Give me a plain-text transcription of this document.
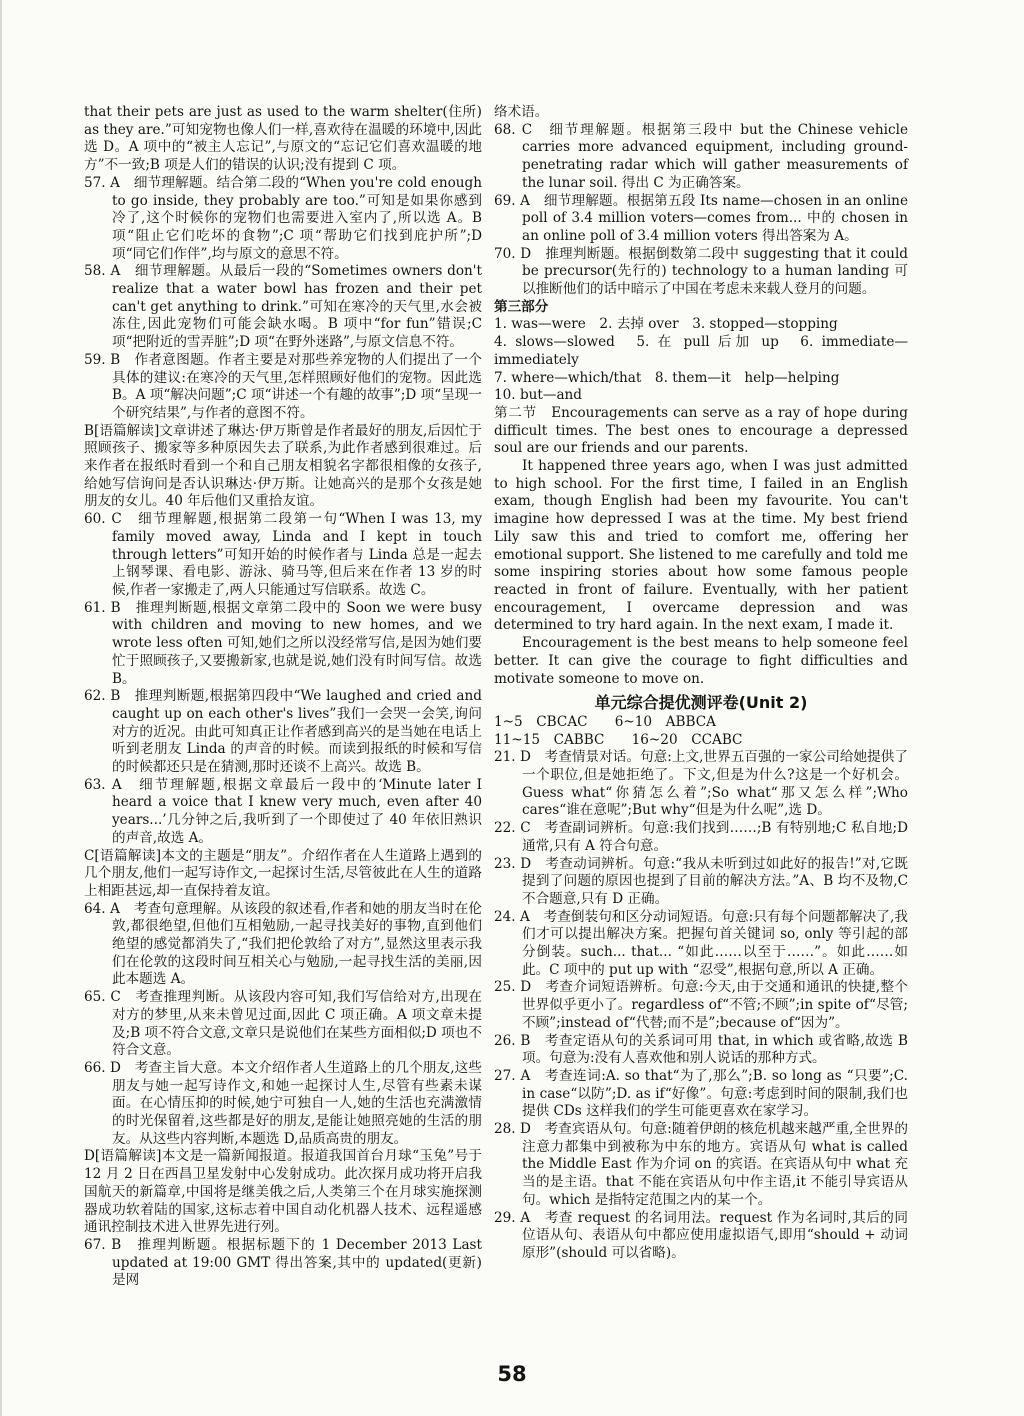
that their pets are just as used to the warm shelter(住所) as they are.”可知宠物也像人们一样,喜欢待在温暖的环境中,因此选 D。A 项中的“被主人忘记”,与原文的“忘记它们喜欢温暖的地方”不一致;B 项是人们的错误的认识;没有提到 C 项。

57. A　细节理解题。结合第二段的“When you're cold enough to go inside, they probably are too.”可知是如果你感到冷了,这个时候你的宠物们也需要进入室内了,所以选 A。B 项“阻止它们吃坏的食物”;C 项“帮助它们找到庇护所”;D 项“同它们作伴”,均与原文的意思不符。

58. A　细节理解题。从最后一段的“Sometimes owners don't realize that a water bowl has frozen and their pet can't get anything to drink.”可知在寒冷的天气里,水会被冻住,因此宠物们可能会缺水喝。B 项中“for fun”错误;C 项“把附近的雪弄脏”;D 项“在野外迷路”,与原文信息不符。

59. B　作者意图题。作者主要是对那些养宠物的人们提出了一个具体的建议:在寒冷的天气里,怎样照顾好他们的宠物。因此选 B。A 项“解决问题”;C 项“讲述一个有趣的故事”;D 项“呈现一个研究结果”,与作者的意图不符。

B[语篇解读]文章讲述了琳达·伊万斯曾是作者最好的朋友,后因忙于照顾孩子、搬家等多种原因失去了联系,为此作者感到很难过。后来作者在报纸时看到一个和自己朋友相貌名字都很相像的女孩子,给她写信询问是否认识琳达·伊万斯。让她高兴的是那个女孩是她朋友的女儿。40 年后他们又重拾友谊。

60. C　细节理解题,根据第二段第一句“When I was 13, my family moved away, Linda and I kept in touch through letters”可知开始的时候作者与 Linda 总是一起去上钢琴课、看电影、游泳、骑马等,但后来在作者 13 岁的时候,作者一家搬走了,两人只能通过写信联系。故选 C。

61. B　推理判断题,根据文章第二段中的 Soon we were busy with children and moving to new homes, and we wrote less often 可知,她们之所以没经常写信,是因为她们要忙于照顾孩子,又要搬新家,也就是说,她们没有时间写信。故选 B。

62. B　推理判断题,根据第四段中“We laughed and cried and caught up on each other's lives”我们一会哭一会笑,询问对方的近况。由此可知真正让作者感到高兴的是当她在电话上听到老朋友 Linda 的声音的时候。而读到报纸的时候和写信的时候都还只是在猜测,那时还谈不上高兴。故选 B。

63. A　细节理解题,根据文章最后一段中的‘Minute later I heard a voice that I knew very much, even after 40 years...’几分钟之后,我听到了一个即使过了 40 年依旧熟识的声音,故选 A。

C[语篇解读]本文的主题是“朋友”。介绍作者在人生道路上遇到的几个朋友,他们一起写诗作文,一起探讨生活,尽管彼此在人生的道路上相距甚远,却一直保持着友谊。

64. A　考查句意理解。从该段的叙述看,作者和她的朋友当时在伦敦,都很绝望,但他们互相勉励,一起寻找美好的事物,直到他们绝望的感觉都消失了,“我们把伦敦给了对方”,显然这里表示我们在伦敦的这段时间互相关心与勉励,一起寻找生活的美丽,因此本题选 A。

65. C　考查推理判断。从该段内容可知,我们写信给对方,出现在对方的梦里,从来未曾见过面,因此 C 项正确。A 项文章未提及;B 项不符合文意,文章只是说他们在某些方面相似;D 项也不符合文意。

66. D　考查主旨大意。本文介绍作者人生道路上的几个朋友,这些朋友与她一起写诗作文,和她一起探讨人生,尽管有些素未谋面。在心情压抑的时候,她宁可独自一人,她的生活也充满激情的时光保留着,这些都是好的朋友,是能让她照亮她的生活的朋友。从这些内容判断,本题选 D,品质高贵的朋友。

D[语篇解读]本文是一篇新闻报道。报道我国首台月球“玉兔”号于 12 月 2 日在西昌卫星发射中心发射成功。此次探月成功将开启我国航天的新篇章,中国将是继美俄之后,人类第三个在月球实施探测器成功软着陆的国家,这标志着中国自动化机器人技术、远程遥感通讯控制技术进入世界先进行列。

67. B　推理判断题。根据标题下的 1 December 2013 Last updated at 19:00 GMT 得出答案,其中的 updated(更新)是网

络术语。

68. C　细节理解题。根据第三段中 but the Chinese vehicle carries more advanced equipment, including ground-penetrating radar which will gather measurements of the lunar soil. 得出 C 为正确答案。

69. A　细节理解题。根据第五段 Its name—chosen in an online poll of 3.4 million voters—comes from... 中的 chosen in an online poll of 3.4 million voters 得出答案为 A。

70. D　推理判断题。根据倒数第二段中 suggesting that it could be precursor(先行的) technology to a human landing 可以推断他们的话中暗示了中国在考虑未来载人登月的问题。

第三部分

1. was—were　2. 去掉 over　3. stopped—stopping

4. slows—slowed　5. 在 pull 后加 up　6. immediate—immediately

7. where—which/that　8. them—it　help—helping

10. but—and

第二节　Encouragements can serve as a ray of hope during difficult times. The best ones to encourage a depressed soul are our friends and our parents.

It happened three years ago, when I was just admitted to high school. For the first time, I failed in an English exam, though English had been my favourite. You can't imagine how depressed I was at the time. My best friend Lily saw this and tried to comfort me, offering her emotional support. She listened to me carefully and told me some inspiring stories about how some famous people reacted in front of failure. Eventually, with her patient encouragement, I overcame depression and was determined to try hard again. In the next exam, I made it.

Encouragement is the best means to help someone feel better. It can give the courage to fight difficulties and motivate someone to move on.

单元综合提优测评卷(Unit 2)

1~5　CBCAC　　6~10　ABBCA

11~15　CABBC　　16~20　CCABC

21. D　考查情景对话。句意:上文,世界五百强的一家公司给她提供了一个职位,但是她拒绝了。下文,但是为什么?这是一个好机会。Guess what“你猜怎么着”;So what“那又怎么样”;Who cares“谁在意呢”;But why“但是为什么呢”,选 D。

22. C　考查副词辨析。句意:我们找到……;B 有特别地;C 私自地;D 通常,只有 A 符合句意。

23. D　考查动词辨析。句意:“我从未听到过如此好的报告!”对,它既提到了问题的原因也提到了目前的解决方法。”A、B 均不及物,C 不合题意,只有 D 正确。

24. A　考查倒装句和区分动词短语。句意:只有每个问题都解决了,我们才可以提出解决方案。把握句首关键词 so, only 等引起的部分倒装。such... that... “如此……以至于……”。如此……如此。C 项中的 put up with “忍受”,根据句意,所以 A 正确。

25. D　考查介词短语辨析。句意:今天,由于交通和通讯的快捷,整个世界似乎更小了。regardless of“不管;不顾”;in spite of“尽管;不顾”;instead of“代替;而不是”;because of“因为”。

26. B　考查定语从句的关系词可用 that, in which 或省略,故选 B 项。句意为:没有人喜欢他和别人说话的那种方式。

27. A　考查连词:A. so that“为了,那么”;B. so long as “只要”;C. in case“以防”;D. as if“好像”。句意:考虑到时间的限制,我们也提供 CDs 这样我们的学生可能更喜欢在家学习。

28. D　考查宾语从句。句意:随着伊朗的核危机越来越严重,全世界的注意力都集中到被称为中东的地方。宾语从句 what is called the Middle East 作为介词 on 的宾语。在宾语从句中 what 充当的是主语。that 不能在宾语从句中作主语,it 不能引导宾语从句。which 是指特定范围之内的某一个。

29. A　考查 request 的名词用法。request 作为名词时,其后的同位语从句、表语从句中都应使用虚拟语气,即用“should + 动词原形”(should 可以省略)。

58
